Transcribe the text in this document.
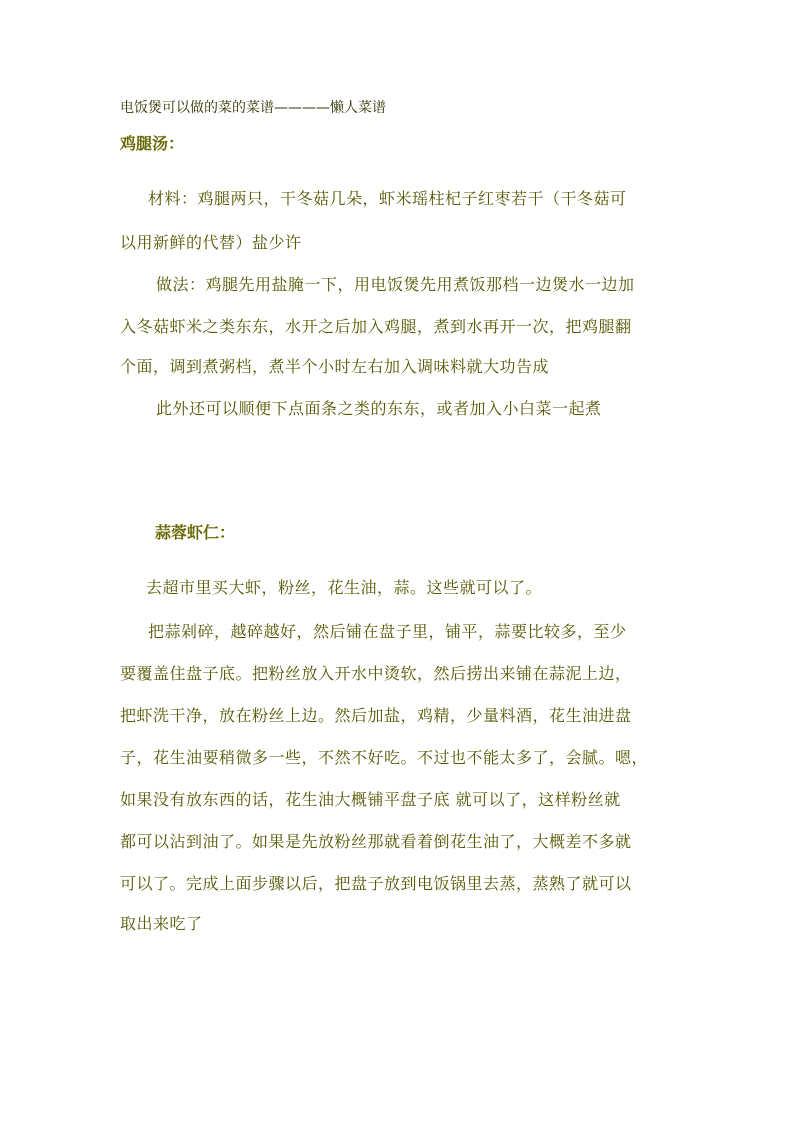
电饭煲可以做的菜的菜谱————懒人菜谱
鸡腿汤：
材料：鸡腿两只，干冬菇几朵，虾米瑶柱杞子红枣若干（干冬菇可
以用新鲜的代替）盐少许
做法：鸡腿先用盐腌一下，用电饭煲先用煮饭那档一边煲水一边加
入冬菇虾米之类东东，水开之后加入鸡腿，煮到水再开一次，把鸡腿翻
个面，调到煮粥档，煮半个小时左右加入调味料就大功告成
此外还可以顺便下点面条之类的东东，或者加入小白菜一起煮
蒜蓉虾仁：
去超市里买大虾，粉丝，花生油，蒜。这些就可以了。
把蒜剁碎，越碎越好，然后铺在盘子里，铺平，蒜要比较多，至少
要覆盖住盘子底。把粉丝放入开水中烫软，然后捞出来铺在蒜泥上边，
把虾洗干净，放在粉丝上边。然后加盐，鸡精，少量料酒，花生油进盘
子，花生油要稍微多一些，不然不好吃。不过也不能太多了，会腻。嗯，
如果没有放东西的话，花生油大概铺平盘子底 就可以了，这样粉丝就
都可以沾到油了。如果是先放粉丝那就看着倒花生油了，大概差不多就
可以了。完成上面步骤以后，把盘子放到电饭锅里去蒸，蒸熟了就可以
取出来吃了
